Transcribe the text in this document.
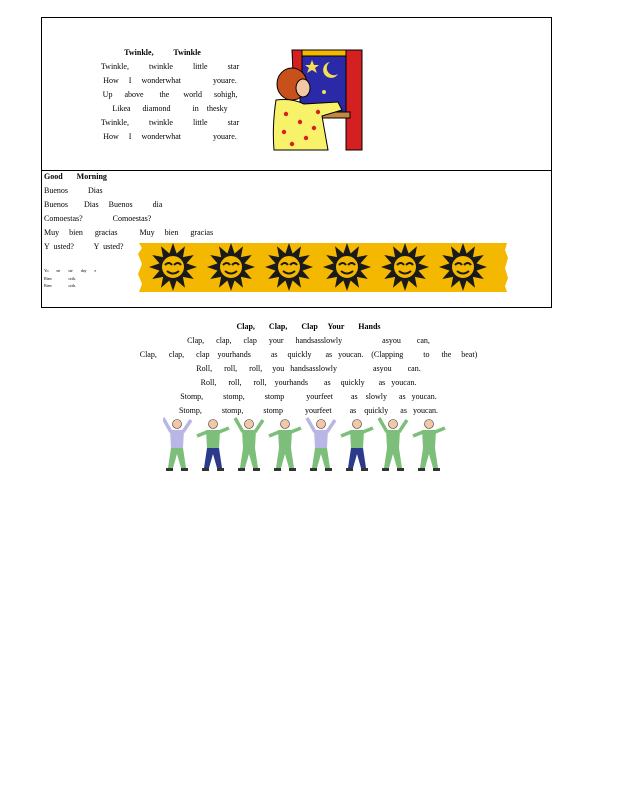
Twinkle,          Twinkle
Twinkle,          twinkle          little          star
How     I     wonderwhat                youare.
Up      above        the       world      sohigh,
Likea      diamond           in    thesky
Twinkle,          twinkle          little          star
How     I     wonderwhat                youare.
Good       Morning
Buenos          Dias
Buenos        Dias     Buenos          dia
Comoestas?               Comoestas?
Muy     bien      gracias           Muy     bien      gracias
Y  usted?          Y  usted?
Yo        ne        sie        day        e
Bien                 orth.
Bien                 orth.
Clap,       Clap,       Clap     Your       Hands
Clap,      clap,      clap      your      handsasslowly                    asyou        can,
Clap,      clap,      clap    yourhands          as     quickly       as   youcan.    (Clapping          to      the     beat)
Roll,      roll,      roll,     you   handsasslowly                  asyou        can.
Roll,      roll,      roll,    yourhands        as     quickly       as   youcan.
Stomp,          stomp,          stomp           yourfeet         as    slowly      as   youcan.
Stomp,          stomp,          stomp           yourfeet         as    quickly      as   youcan.
